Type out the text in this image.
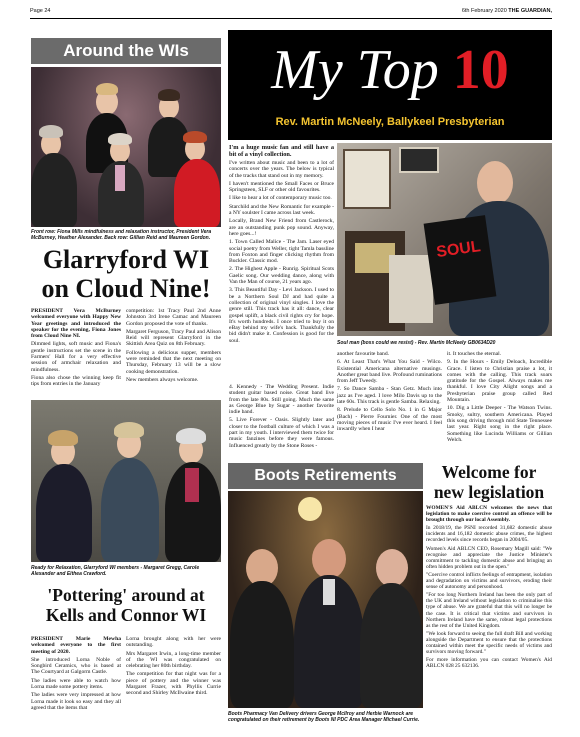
Page 24	6th February 2020 THE GUARDIAN,
Around the WIs
Front row: Fiona Mills mindfulness and relaxation instructor, President Vera McBurney, Heather Alexander. Back row: Gillian Reid and Maureen Gordon.
Glarryford WI on Cloud Nine!

PRESIDENT Vera McBurney welcomed everyone with Happy New Year greetings and introduced the speaker for the evening, Fiona Jones from Cloud Nine NI.

Dimmed lights, soft music and Fiona's gentle instructions set the scene in the Farmers' Hall for a very effective session of armchair relaxation and mindfulness.

Fiona also chose the winning keep fit tips from entries in the January

competition: 1st Tracy Paul 2nd Anne Johnston 3rd Irene Camac and Maureen Gordon proposed the vote of thanks.

Margaret Ferguson, Tracy Paul and Alison Reid will represent Glarryford in the Skittish Area Quiz on 8th February.

Following a delicious supper, members were reminded that the next meeting on Thursday, February 13 will be a slow cooking demonstration.

New members always welcome.

Ready for Relaxation, Glarryford WI members - Margaret Gregg, Carole Alexander and Eithea Crawford.
'Pottering' around at Kells and Connor WI

PRESIDENT Marie Mewha welcomed everyone to the first meeting of 2020.

She introduced Lorna Noble of Songbird Ceramics, who is based at The Courtyard at Galgorm Castle.

The ladies were able to watch how Lorna made some pottery items.

The ladies were very impressed at how Lorna made it look so easy and they all agreed that the items that

Lorna brought along with her were outstanding.

Mrs Margaret Irwin, a long-time member of the WI was congratulated on celebrating her 80th birthday.

The competition for that night was for a piece of pottery and the winner was Margaret Frazer, with Phyllis Currie second and Shirley McIlwaine third.

My Top 10
Rev. Martin McNeely, Ballykeel Presbyterian

I'm a huge music fan and still have a bit of a vinyl collection.

I've written about music and been to a lot of concerts over the years. The below is typical of the tracks that stand out in my memory.

I haven't mentioned the Small Faces or Bruce Springsteen, SLF or other old favourites.

I like to hear a lot of contemporary music too.

Starchild and the New Romantic for example - a NY soulster I came across last week.

Locally, Brand New Friend from Castlerock, are an outstanding punk pop sound. Anyway, here goes...!

1. Town Called Malice - The Jam. Laser eyed social poetry from Weller, tight Tamla bassline from Foxton and finger clicking rhythm from Buckler. Classic mod.

2. The Highest Apple - Runrig. Spiritual Scots Gaelic song. Our wedding dance, along with Van the Man of course, 21 years ago.

3. This Beautiful Day - Levi Jackson. I used to be a Northern Soul DJ and had quite a collection of original vinyl singles. I love the genre still. This track has it all: dance, clear gospel uplift, a black civil rights cry for hope. It's worth hundreds. I once tried to buy it on eBay behind my wife's back. Thankfully the bid didn't make it. Confession is good for the soul.

4. Kennedy - The Wedding Present. Indie student guitar based noise. Great band live from the late 80s. Still going. Much the same as George Blue by Sugar - another favorite indie band.

5. Live Forever - Oasis. Slightly later and closer to the football culture of which I was a part in my youth. I interviewed them twice for music fanzines before they were famous. Influenced greatly by the Stone Roses -

SOUL
Soul man (boss could we resist) - Rev. Martin McNeely GB0634D20

another favourite band.

6. At Least That's What You Said - Wilco. Existential Americana alternative musings. Another great band live. Profound ruminations from Jeff Tweedy.

7. So Dance Samba - Stan Getz. Much into jazz as I've aged. I love Milo Davis up to the late 60s. This track is gentle Samba. Relaxing.

8. Prelude to Cello Solo No. 1 in G Major (Bach) - Pierre Fournier. One of the most moving pieces of music I've ever heard. I feel inwardly when I hear

it. It touches the eternal.

9. In the Hours - Emily Deloach, Incredible Grace. I listen to Christian praise a lot, it comes with the calling. This track soars gratitude for the Gospel. Always makes me thankful. I love City Alight songs and a Presbyterian praise group called Red Mountain.

10. Dig a Little Deeper - The Watson Twins. Smoky, sultry, southern Americana. Played this song driving through mid State Tennessee last year. Right song in the right place. Something like Lucinda Williams or Gillian Welch.

Boots Retirements
Boots Pharmacy Van Delivery drivers George McIlroy and Herbie Warnock are congratulated on their retirement by Boots NI PDC Area Manager Michael Currie.
Welcome for new legislation

WOMEN'S Aid ABLCN welcomes the news that legislation to make coercive control an offence will be brought through our local Assembly.

In 2018/19, the PSNI recorded 31,682 domestic abuse incidents and 16,182 domestic abuse crimes, the highest recorded levels since records began in 2004/05.

Women's Aid ABLCN CEO, Rosemary Magill said: "We recognise and appreciate the Justice Minister's commitment to tackling domestic abuse and bringing an often hidden problem out in the open."

"Coercive control inflicts feelings of entrapment, isolation and degradation on victims and survivors, eroding their sense of autonomy and personhood.

"For too long Northern Ireland has been the only part of the UK and Ireland without legislation to criminalise this type of abuse. We are grateful that this will no longer be the case. It is critical that victims and survivors in Northern Ireland have the same, robust legal protections as the rest of the United Kingdom.

"We look forward to seeing the full draft Bill and working alongside the Department to ensure that the protections contained within meet the specific needs of victims and survivors moving forward."

For more information you can contact Women's Aid ABLCN 028 25 632136.
